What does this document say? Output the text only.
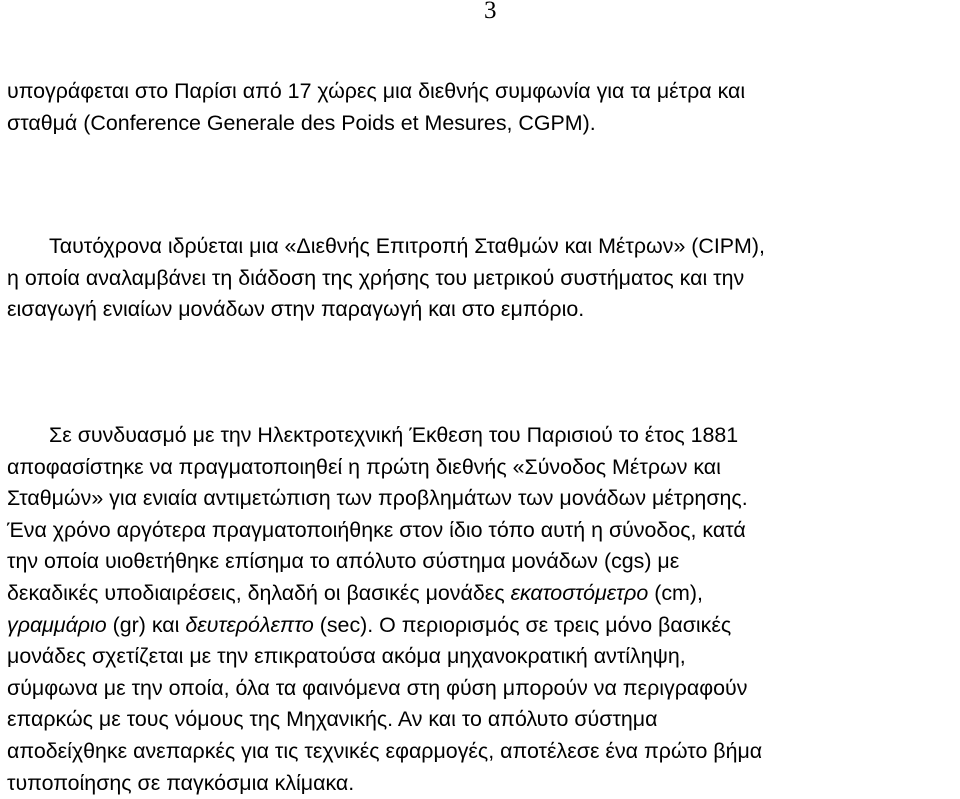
3

υπογράφεται στο Παρίσι από 17 χώρες μια διεθνής συμφωνία για τα μέτρα και
σταθμά (Conference Generale des Poids et Mesures, CGPM).

Ταυτόχρονα ιδρύεται μια «Διεθνής Επιτροπή Σταθμών και Μέτρων» (CIPM),
η οποία αναλαμβάνει τη διάδοση της χρήσης του μετρικού συστήματος και την
εισαγωγή ενιαίων μονάδων στην παραγωγή και στο εμπόριο.

Σε συνδυασμό με την Ηλεκτροτεχνική Έκθεση του Παρισιού το έτος 1881
αποφασίστηκε να πραγματοποιηθεί η πρώτη διεθνής «Σύνοδος Μέτρων και
Σταθμών» για ενιαία αντιμετώπιση των προβλημάτων των μονάδων μέτρησης.
Ένα χρόνο αργότερα πραγματοποιήθηκε στον ίδιο τόπο αυτή η σύνοδος, κατά
την οποία υιοθετήθηκε επίσημα το απόλυτο σύστημα μονάδων (cgs) με
δεκαδικές υποδιαιρέσεις, δηλαδή οι βασικές μονάδες εκατοστόμετρο (cm),
γραμμάριο (gr) και δευτερόλεπτο (sec). Ο περιορισμός σε τρεις μόνο βασικές
μονάδες σχετίζεται με την επικρατούσα ακόμα μηχανοκρατική αντίληψη,
σύμφωνα με την οποία, όλα τα φαινόμενα στη φύση μπορούν να περιγραφούν
επαρκώς με τους νόμους της Μηχανικής. Αν και το απόλυτο σύστημα
αποδείχθηκε ανεπαρκές για τις τεχνικές εφαρμογές, αποτέλεσε ένα πρώτο βήμα
τυποποίησης σε παγκόσμια κλίμακα.
